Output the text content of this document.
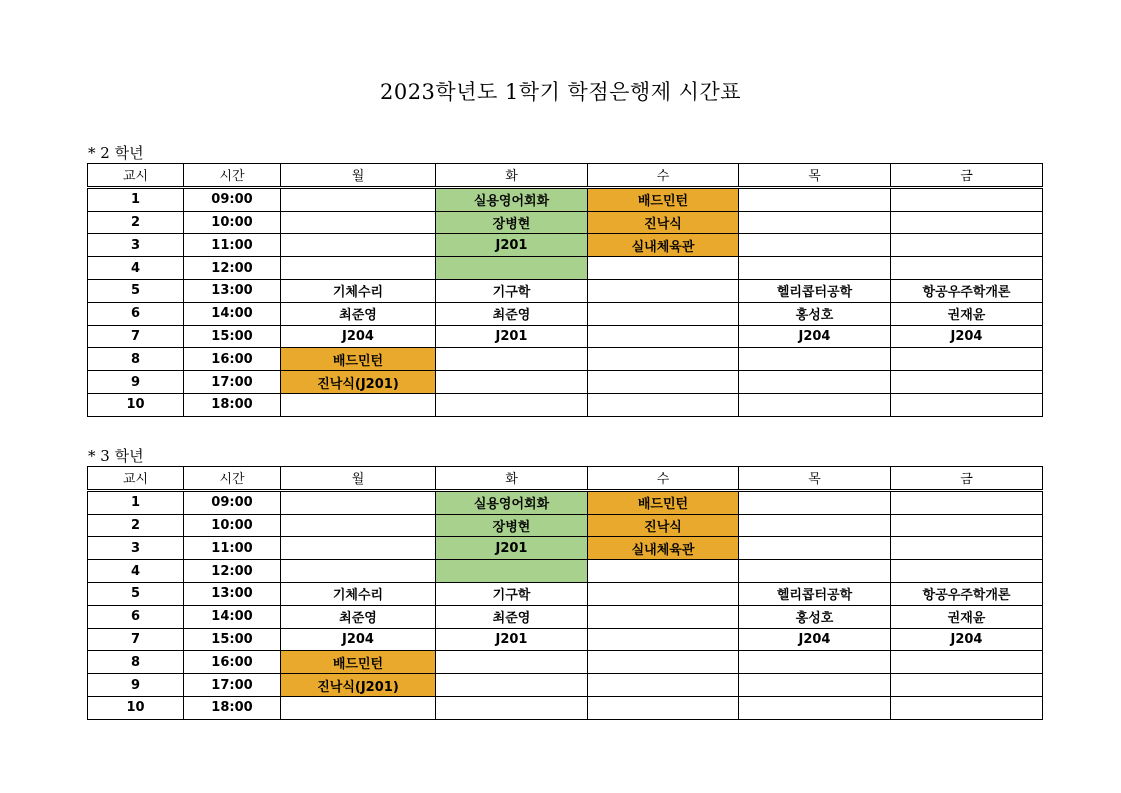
2023학년도 1학기 학점은행제 시간표
* 2 학년
교시	시간	월	화	수	목	금
1	09:00		실용영어회화	배드민턴		
2	10:00		장병현	진낙식		
3	11:00		J201	실내체육관		
4	12:00					
5	13:00	기체수리	기구학		헬리콥터공학	항공우주학개론
6	14:00	최준영	최준영		홍성호	권재윤
7	15:00	J204	J201		J204	J204
8	16:00	배드민턴				
9	17:00	진낙식(J201)				
10	18:00					
* 3 학년
교시	시간	월	화	수	목	금
1	09:00		실용영어회화	배드민턴		
2	10:00		장병현	진낙식		
3	11:00		J201	실내체육관		
4	12:00					
5	13:00	기체수리	기구학		헬리콥터공학	항공우주학개론
6	14:00	최준영	최준영		홍성호	권재윤
7	15:00	J204	J201		J204	J204
8	16:00	배드민턴				
9	17:00	진낙식(J201)				
10	18:00					
